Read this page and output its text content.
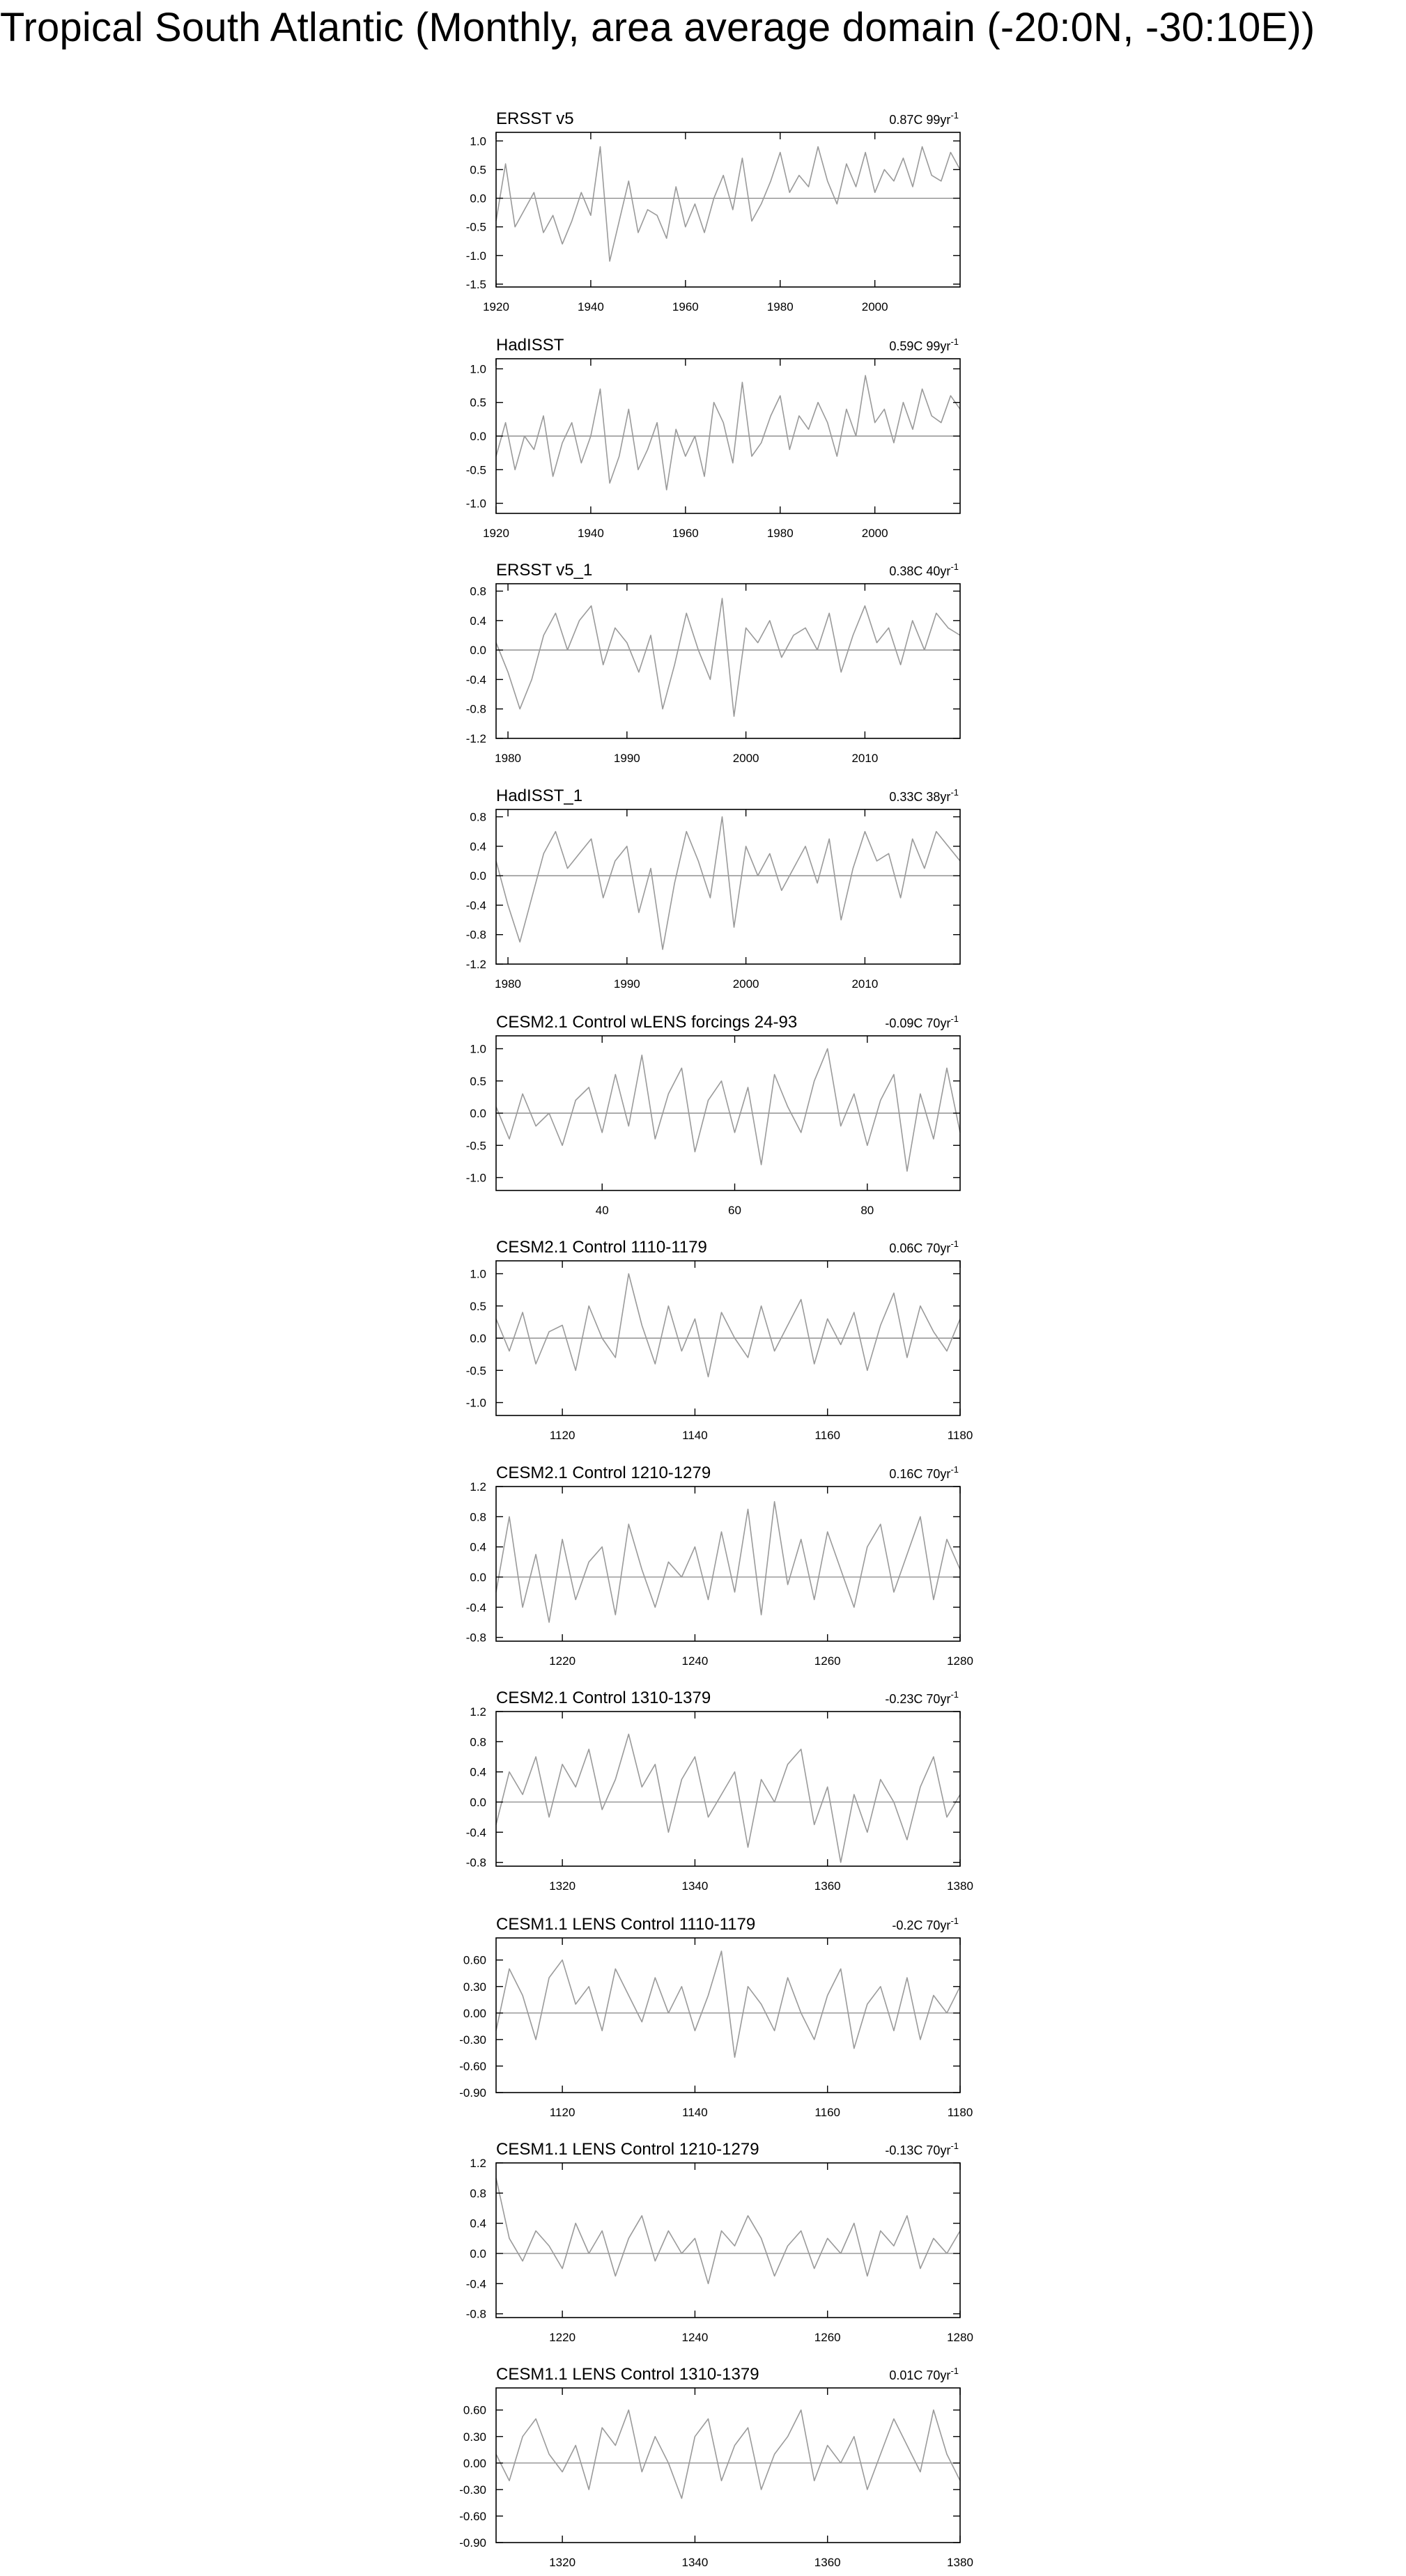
Tropical South Atlantic (Monthly, area average domain (-20:0N, -30:10E))
ERSST v5	0.87C $99yr^{-1}$
1.0
0.5
0.0
-0.5
-1.0
-1.5
1920	1940	1960	1980	2000
HadISST	0.59C $99yr^{-1}$
1.0
0.5
0.0
-0.5
-1.0
1920	1940	1960	1980	2000
ERSST v5_1	0.38C $40yr^{-1}$
0.8
0.4
0.0
-0.4
-0.8
-1.2
1980	1990	2000	2010
HadISST_1	0.33C $38yr^{-1}$
0.8
0.4
0.0
-0.4
-0.8
-1.2
1980	1990	2000	2010
CESM2.1 Control wLENS forcings 24-93	-0.09C $70yr^{-1}$
1.0
0.5
0.0
-0.5
-1.0
40	60	80
CESM2.1 Control 1110-1179	0.06C $70yr^{-1}$
1.0
0.5
0.0
-0.5
-1.0
1120	1140	1160	1180
CESM2.1 Control 1210-1279	0.16C $70yr^{-1}$
1.2
0.8
0.4
0.0
-0.4
-0.8
1220	1240	1260	1280
CESM2.1 Control 1310-1379	-0.23C $70yr^{-1}$
1.2
0.8
0.4
0.0
-0.4
-0.8
1320	1340	1360	1380
CESM1.1 LENS Control 1110-1179	-0.2C $70yr^{-1}$
0.60
0.30
0.00
-0.30
-0.60
-0.90
1120	1140	1160	1180
CESM1.1 LENS Control 1210-1279	-0.13C $70yr^{-1}$
1.2
0.8
0.4
0.0
-0.4
-0.8
1220	1240	1260	1280
CESM1.1 LENS Control 1310-1379	0.01C $70yr^{-1}$
0.60
0.30
0.00
-0.30
-0.60
-0.90
1320	1340	1360	1380
